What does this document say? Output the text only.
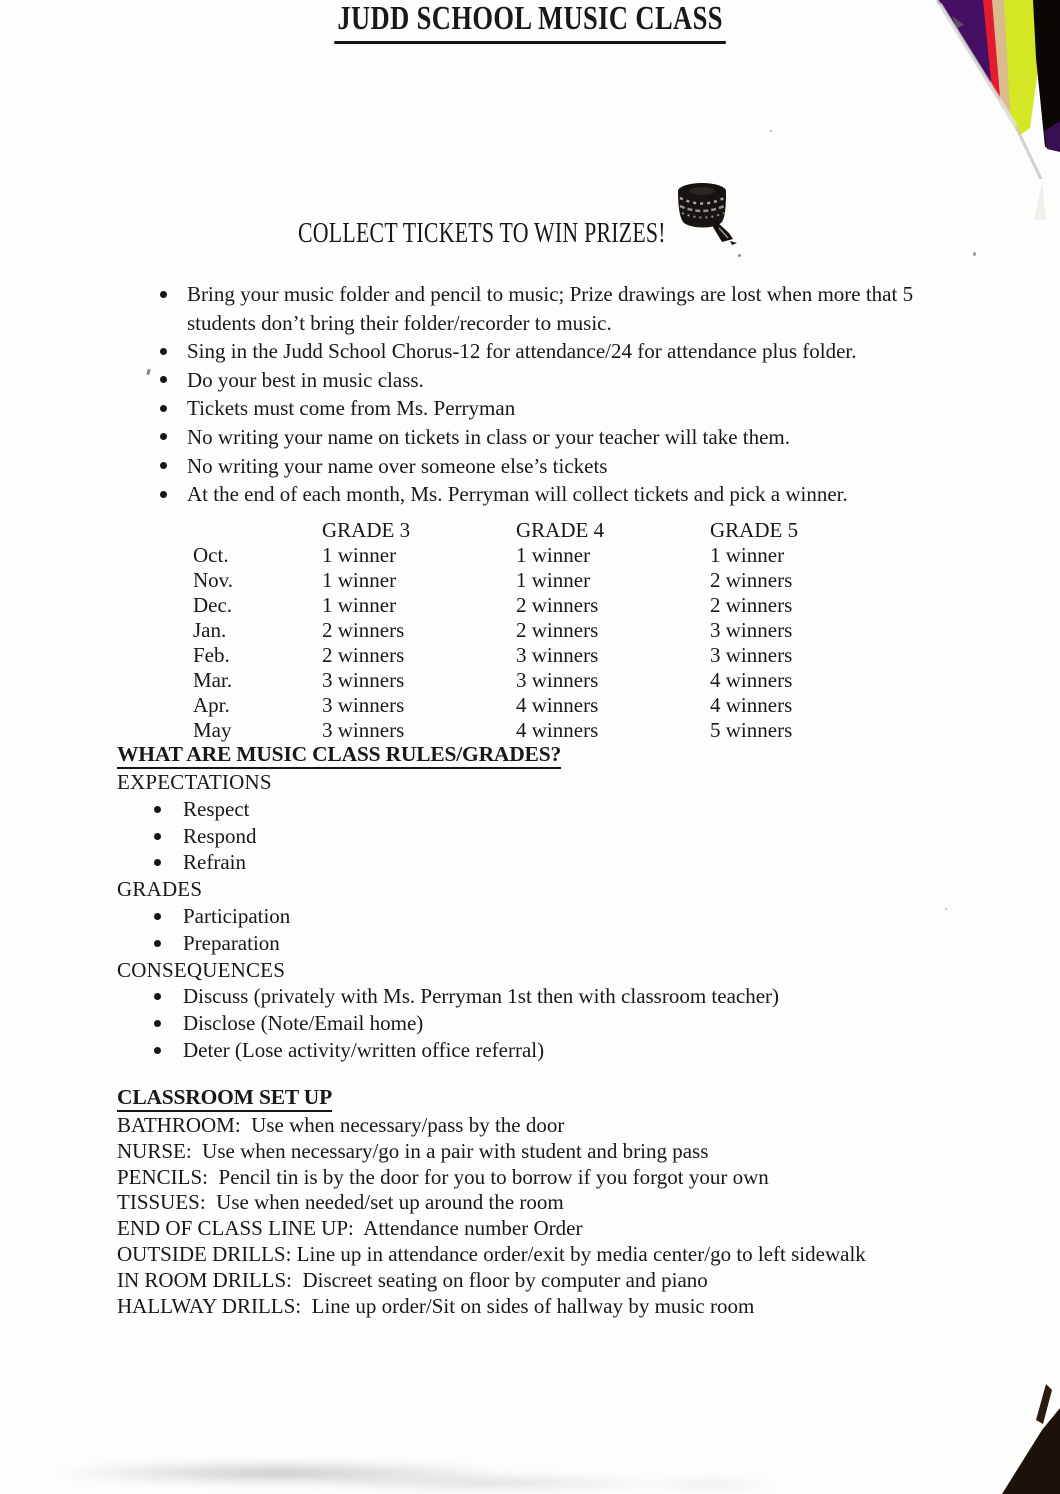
JUDD SCHOOL MUSIC CLASS
COLLECT TICKETS TO WIN PRIZES!
Bring your music folder and pencil to music; Prize drawings are lost when more that 5 students don’t bring their folder/recorder to music.
Sing in the Judd School Chorus-12 for attendance/24 for attendance plus folder.
Do your best in music class.
Tickets must come from Ms. Perryman
No writing your name on tickets in class or your teacher will take them.
No writing your name over someone else’s tickets
At the end of each month, Ms. Perryman will collect tickets and pick a winner.
	GRADE 3	GRADE 4	GRADE 5
Oct.	1 winner	1 winner	1 winner
Nov.	1 winner	1 winner	2 winners
Dec.	1 winner	2 winners	2 winners
Jan.	2 winners	2 winners	3 winners
Feb.	2 winners	3 winners	3 winners
Mar.	3 winners	3 winners	4 winners
Apr.	3 winners	4 winners	4 winners
May	3 winners	4 winners	5 winners
WHAT ARE MUSIC CLASS RULES/GRADES?
EXPECTATIONS
Respect
Respond
Refrain
GRADES
Participation
Preparation
CONSEQUENCES
Discuss (privately with Ms. Perryman 1st then with classroom teacher)
Disclose (Note/Email home)
Deter (Lose activity/written office referral)
CLASSROOM SET UP
BATHROOM:  Use when necessary/pass by the door
NURSE:  Use when necessary/go in a pair with student and bring pass
PENCILS:  Pencil tin is by the door for you to borrow if you forgot your own
TISSUES:  Use when needed/set up around the room
END OF CLASS LINE UP:  Attendance number Order
OUTSIDE DRILLS: Line up in attendance order/exit by media center/go to left sidewalk
IN ROOM DRILLS:  Discreet seating on floor by computer and piano
HALLWAY DRILLS:  Line up order/Sit on sides of hallway by music room
